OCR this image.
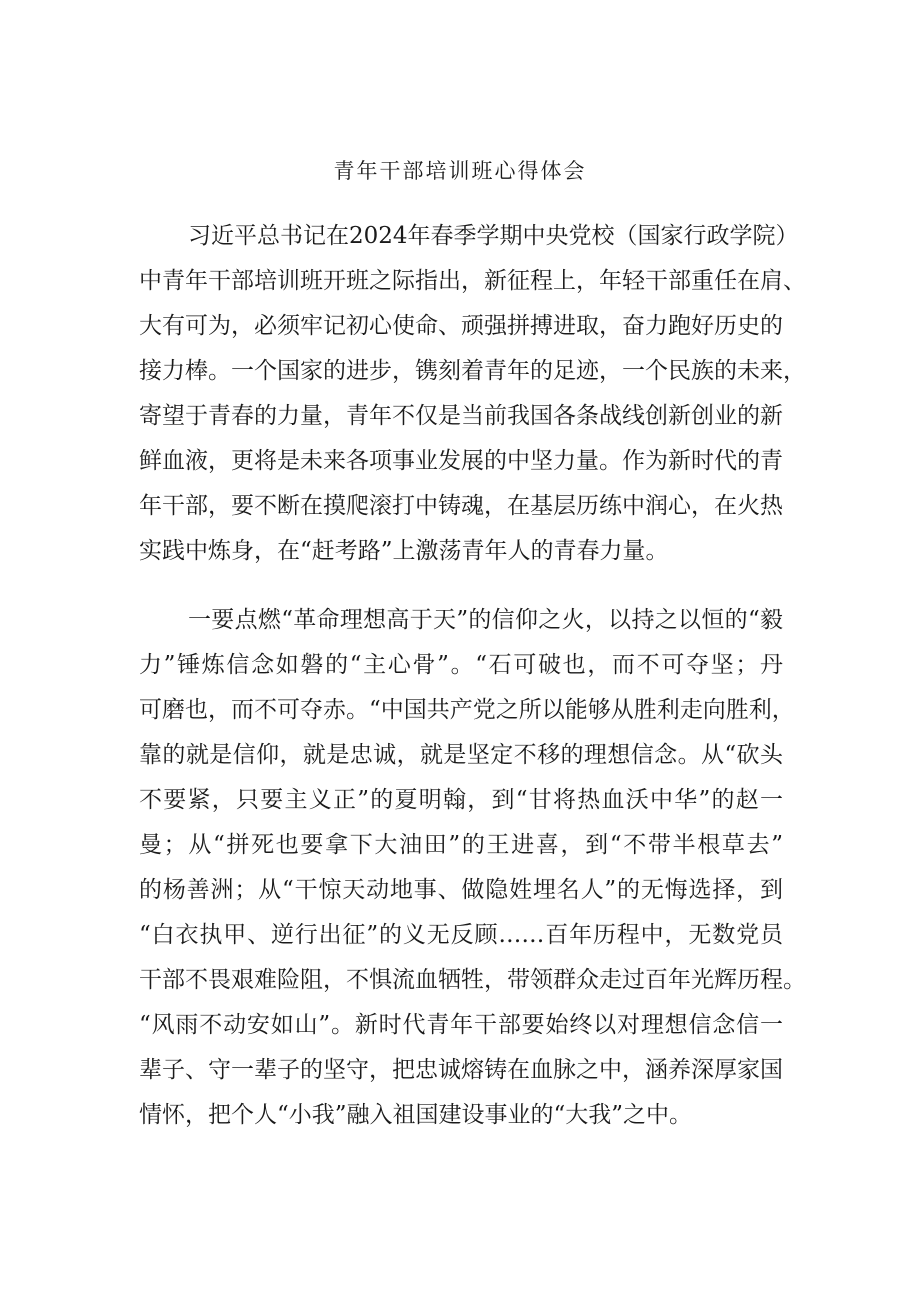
青年干部培训班心得体会

习近平总书记在2024年春季学期中央党校（国家行政学院）

中青年干部培训班开班之际指出，新征程上，年轻干部重任在肩、

大有可为，必须牢记初心使命、顽强拼搏进取，奋力跑好历史的

接力棒。一个国家的进步，镌刻着青年的足迹，一个民族的未来，

寄望于青春的力量，青年不仅是当前我国各条战线创新创业的新

鲜血液，更将是未来各项事业发展的中坚力量。作为新时代的青

年干部，要不断在摸爬滚打中铸魂，在基层历练中润心，在火热

实践中炼身，在“赶考路”上激荡青年人的青春力量。

一要点燃“革命理想高于天”的信仰之火，以持之以恒的“毅

力”锤炼信念如磐的“主心骨”。“石可破也，而不可夺坚；丹

可磨也，而不可夺赤。“中国共产党之所以能够从胜利走向胜利，

靠的就是信仰，就是忠诚，就是坚定不移的理想信念。从“砍头

不要紧，只要主义正”的夏明翰，到“甘将热血沃中华”的赵一

曼；从“拼死也要拿下大油田”的王进喜，到“不带半根草去”

的杨善洲；从“干惊天动地事、做隐姓埋名人”的无悔选择，到

“白衣执甲、逆行出征”的义无反顾……百年历程中，无数党员

干部不畏艰难险阻，不惧流血牺牲，带领群众走过百年光辉历程。

“风雨不动安如山”。新时代青年干部要始终以对理想信念信一

辈子、守一辈子的坚守，把忠诚熔铸在血脉之中，涵养深厚家国

情怀，把个人“小我”融入祖国建设事业的“大我”之中。
